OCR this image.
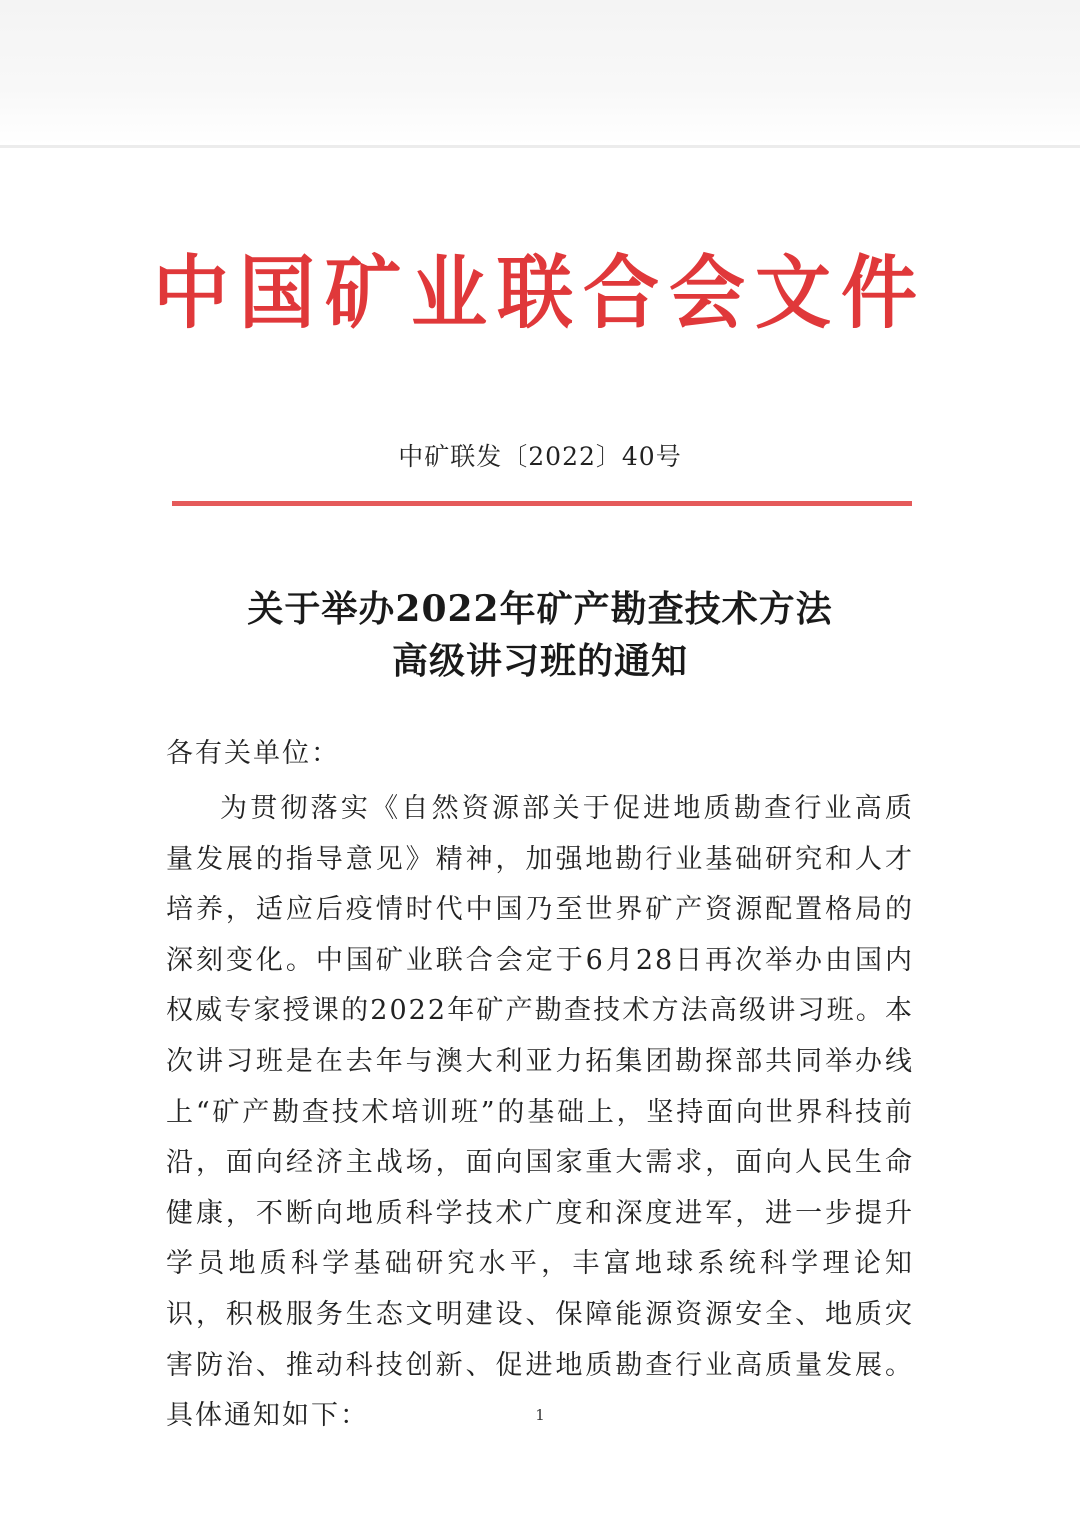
中国矿业联合会文件
中矿联发〔2022〕40号
关于举办2022年矿产勘查技术方法
高级讲习班的通知
各有关单位：
为贯彻落实《自然资源部关于促进地质勘查行业高质量发展的指导意见》精神，加强地勘行业基础研究和人才培养，适应后疫情时代中国乃至世界矿产资源配置格局的深刻变化。中国矿业联合会定于6月28日再次举办由国内权威专家授课的2022年矿产勘查技术方法高级讲习班。本次讲习班是在去年与澳大利亚力拓集团勘探部共同举办线上“矿产勘查技术培训班”的基础上，坚持面向世界科技前沿，面向经济主战场，面向国家重大需求，面向人民生命健康，不断向地质科学技术广度和深度进军，进一步提升学员地质科学基础研究水平，丰富地球系统科学理论知识，积极服务生态文明建设、保障能源资源安全、地质灾害防治、推动科技创新、促进地质勘查行业高质量发展。具体通知如下：	1
